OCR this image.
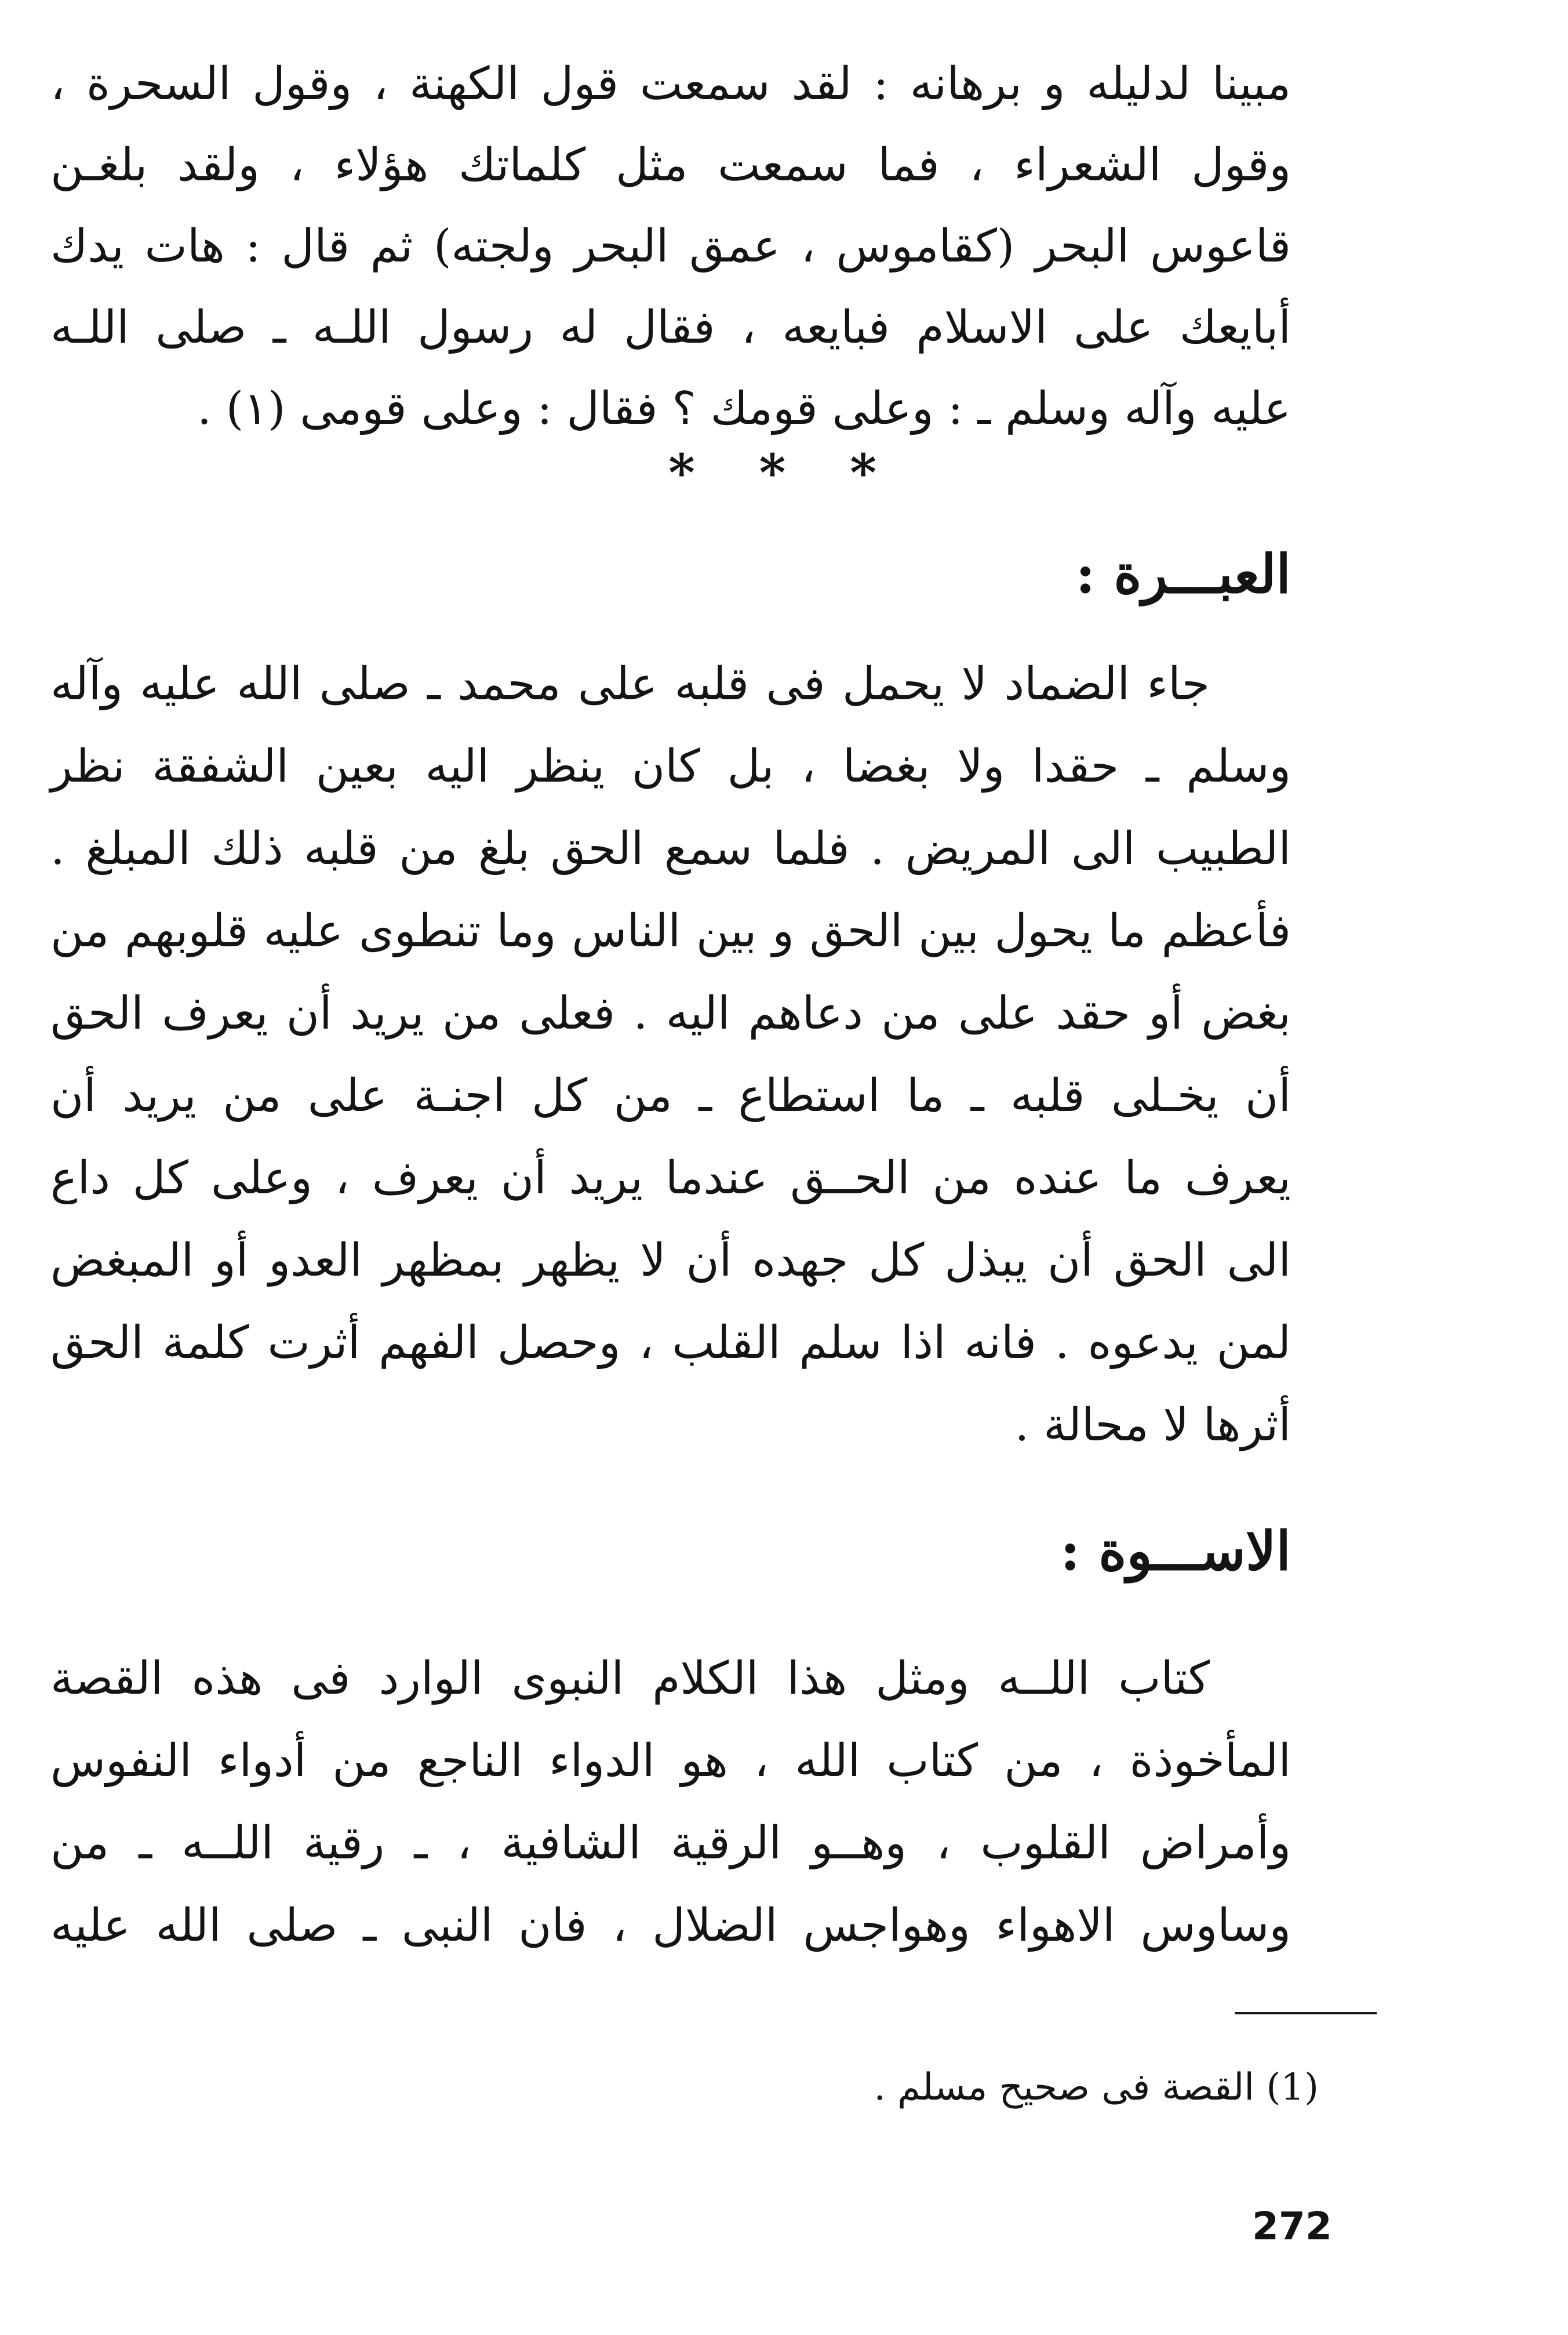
مبينا لدليله و برهانه : لقد سمعت قول الكهنة ، وقول السحرة ،
وقول الشعراء ، فما سمعت مثل كلماتك هؤلاء ، ولقد بلغـن
قاعوس البحر (كقاموس ، عمق البحر ولجته) ثم قال : هات يدك
أبايعك على الاسلام فبايعه ، فقال له رسول اللـه ـ صلى اللـه
عليه وآله وسلم ـ : وعلى قومك ؟ فقال : وعلى قومى (١) .
* * *
العبـــرة :
جاء الضماد لا يحمل فى قلبه على محمد ـ صلى الله عليه وآله
وسلم ـ حقدا ولا بغضا ، بل كان ينظر اليه بعين الشفقة نظر
الطبيب الى المريض . فلما سمع الحق بلغ من قلبه ذلك المبلغ .
فأعظم ما يحول بين الحق و بين الناس وما تنطوى عليه قلوبهم من
بغض أو حقد على من دعاهم اليه . فعلى من يريد أن يعرف الحق
أن يخـلى قلبه ـ ما استطاع ـ من كل اجنـة على من يريد أن
يعرف ما عنده من الحــق عندما يريد أن يعرف ، وعلى كل داع
الى الحق أن يبذل كل جهده أن لا يظهر بمظهر العدو أو المبغض
لمن يدعوه . فانه اذا سلم القلب ، وحصل الفهم أثرت كلمة الحق
أثرها لا محالة .
الاســـوة :
كتاب اللــه ومثل هذا الكلام النبوى الوارد فى هذه القصة
المأخوذة ، من كتاب الله ، هو الدواء الناجع من أدواء النفوس
وأمراض القلوب ، وهــو الرقية الشافية ، ـ رقية اللــه ـ من
وساوس الاهواء وهواجس الضلال ، فان النبى ـ صلى الله عليه
(1) القصة فى صحيح مسلم .
272
